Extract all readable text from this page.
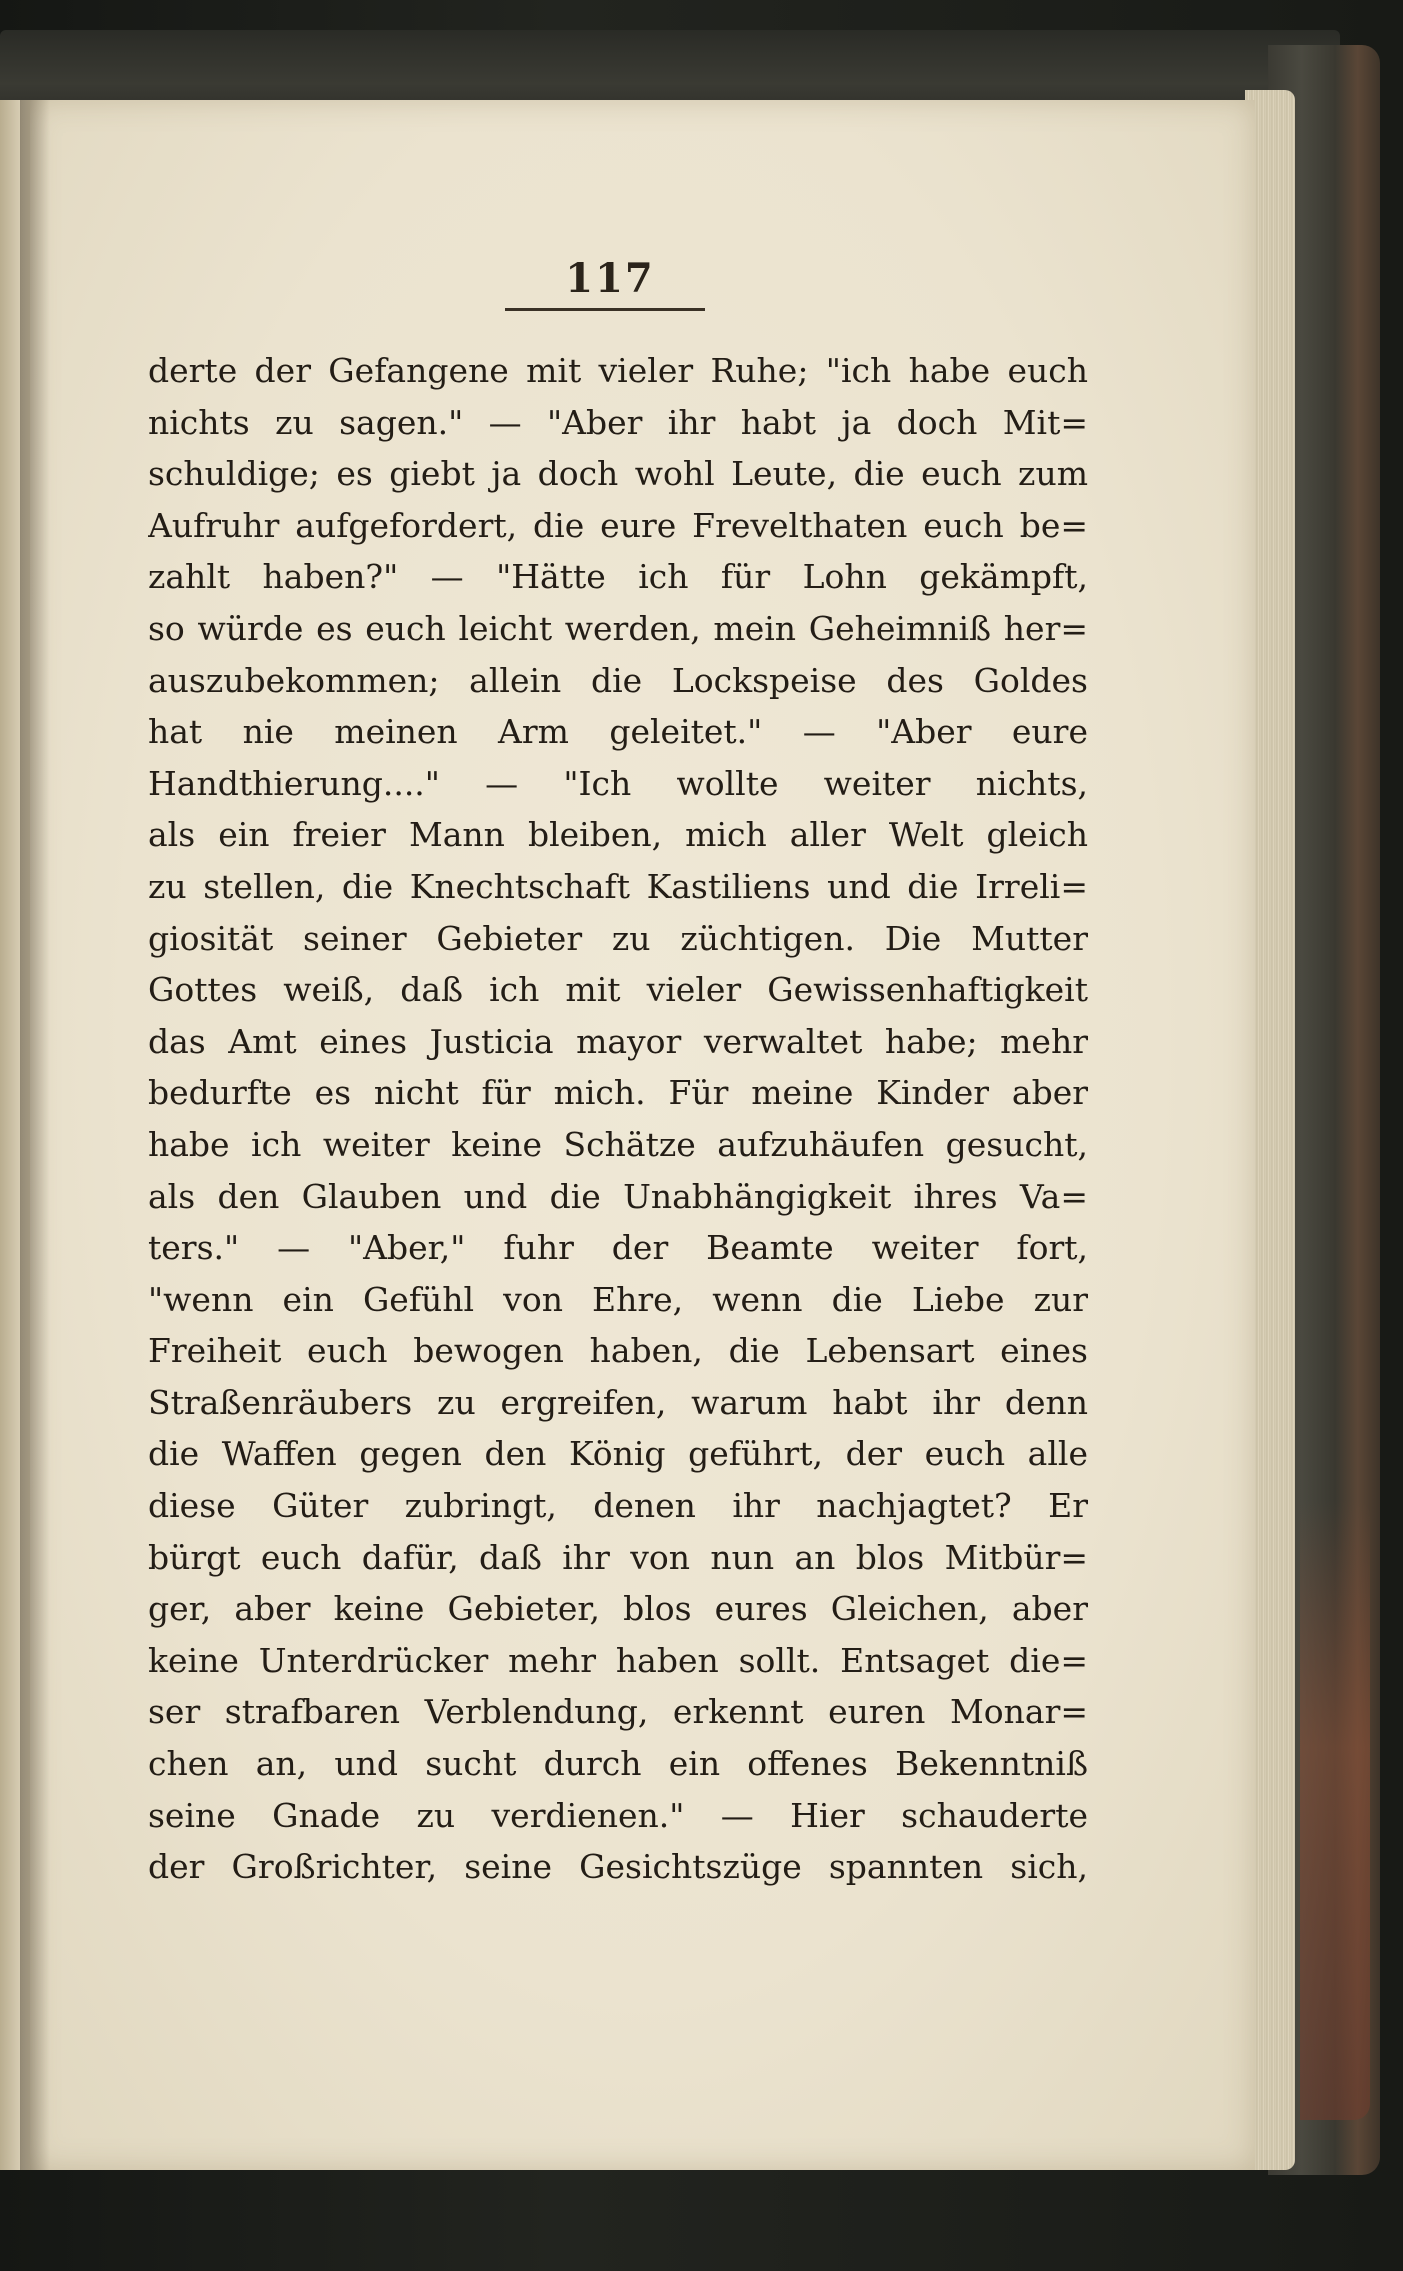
117
derte der Gefangene mit vieler Ruhe; "ich habe euch
nichts zu sagen." — "Aber ihr habt ja doch Mit=
schuldige; es giebt ja doch wohl Leute, die euch zum
Aufruhr aufgefordert, die eure Frevelthaten euch be=
zahlt haben?" — "Hätte ich für Lohn gekämpft,
so würde es euch leicht werden, mein Geheimniß her=
auszubekommen; allein die Lockspeise des Goldes
hat nie meinen Arm geleitet." — "Aber eure
Handthierung...." — "Ich wollte weiter nichts,
als ein freier Mann bleiben, mich aller Welt gleich
zu stellen, die Knechtschaft Kastiliens und die Irreli=
giosität seiner Gebieter zu züchtigen. Die Mutter
Gottes weiß, daß ich mit vieler Gewissenhaftigkeit
das Amt eines Justicia mayor verwaltet habe; mehr
bedurfte es nicht für mich. Für meine Kinder aber
habe ich weiter keine Schätze aufzuhäufen gesucht,
als den Glauben und die Unabhängigkeit ihres Va=
ters." — "Aber," fuhr der Beamte weiter fort,
"wenn ein Gefühl von Ehre, wenn die Liebe zur
Freiheit euch bewogen haben, die Lebensart eines
Straßenräubers zu ergreifen, warum habt ihr denn
die Waffen gegen den König geführt, der euch alle
diese Güter zubringt, denen ihr nachjagtet? Er
bürgt euch dafür, daß ihr von nun an blos Mitbür=
ger, aber keine Gebieter, blos eures Gleichen, aber
keine Unterdrücker mehr haben sollt. Entsaget die=
ser strafbaren Verblendung, erkennt euren Monar=
chen an, und sucht durch ein offenes Bekenntniß
seine Gnade zu verdienen." — Hier schauderte
der Großrichter, seine Gesichtszüge spannten sich,
